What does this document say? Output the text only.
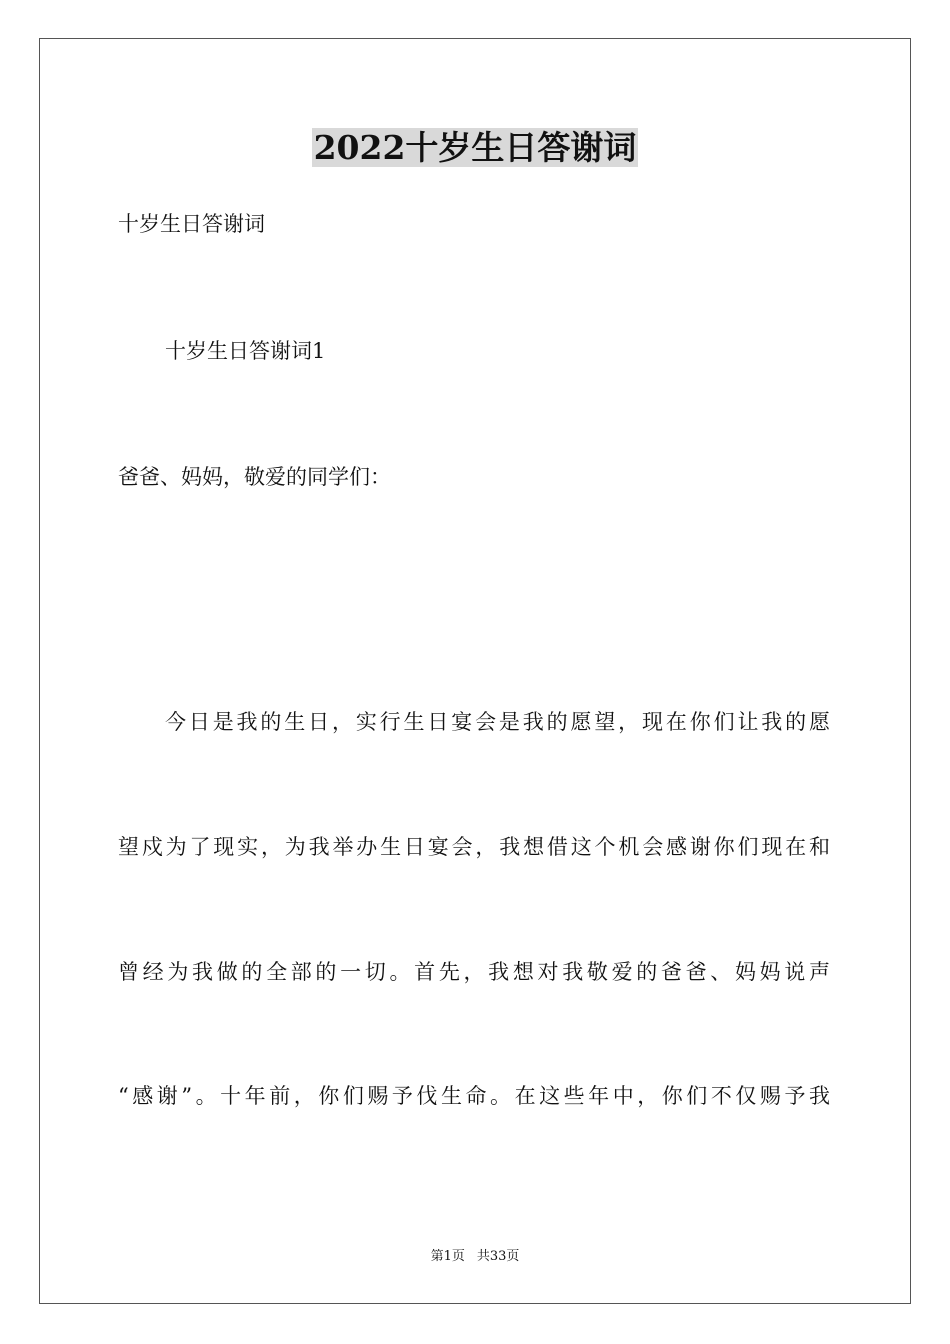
2022十岁生日答谢词
十岁生日答谢词
十岁生日答谢词1
爸爸、妈妈，敬爱的同学们：
今日是我的生日，实行生日宴会是我的愿望，现在你们让我的愿
望戍为了现实，为我举办生日宴会，我想借这个机会感谢你们现在和
曾经为我做的全部的一切。首先，我想对我敬爱的爸爸、妈妈说声
“感谢”。十年前，你们赐予伐生命。在这些年中，你们不仅赐予我
第1页 共33页
